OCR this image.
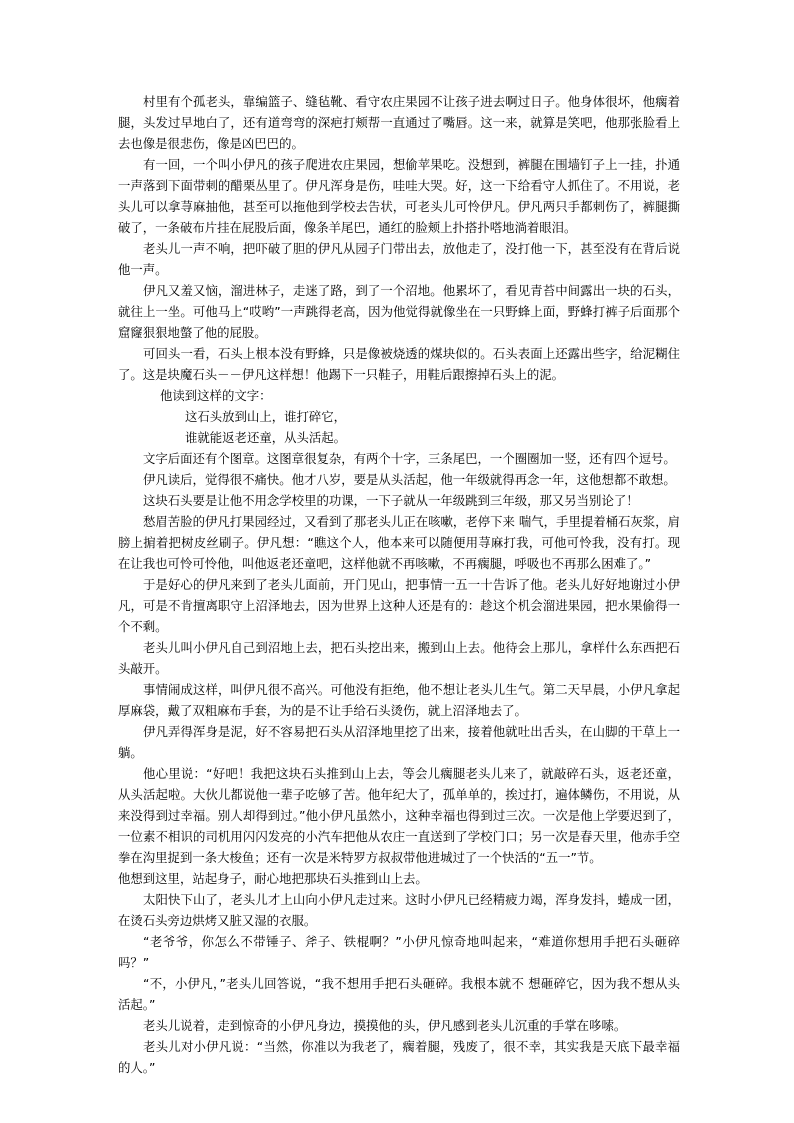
村里有个孤老头，靠编篮子、缝毡靴、看守农庄果园不让孩子进去啊过日子。他身体很坏，他瘸着腿，头发过早地白了，还有道弯弯的深疤打颊帮一直通过了嘴唇。这一来，就算是笑吧，他那张脸看上去也像是很悲伤，像是凶巴巴的。

有一回，一个叫小伊凡的孩子爬进农庄果园，想偷苹果吃。没想到，裤腿在围墙钉子上一挂，扑通一声落到下面带刺的醋栗丛里了。伊凡浑身是伤，哇哇大哭。好，这一下给看守人抓住了。不用说，老头儿可以拿荨麻抽他，甚至可以拖他到学校去告状，可老头儿可怜伊凡。伊凡两只手都刺伤了，裤腿撕破了，一条破布片挂在屁股后面，像条羊尾巴，通红的脸颊上扑搭扑嗒地淌着眼泪。

老头儿一声不响，把吓破了胆的伊凡从园子门带出去，放他走了，没打他一下，甚至没有在背后说他一声。

伊凡又羞又恼，溜进林子，走迷了路，到了一个沼地。他累坏了，看见青苔中间露出一块的石头，就往上一坐。可他马上“哎哟”一声跳得老高，因为他觉得就像坐在一只野蜂上面，野蜂打裤子后面那个窟窿狠狠地螫了他的屁股。

可回头一看，石头上根本没有野蜂，只是像被烧透的煤块似的。石头表面上还露出些字，给泥糊住了。这是块魔石头－－伊凡这样想！他踢下一只鞋子，用鞋后跟擦掉石头上的泥。

他读到这样的文字：

这石头放到山上，谁打碎它，

谁就能返老还童，从头活起。

文字后面还有个图章。这图章很复杂，有两个十字，三条尾巴，一个圈圈加一竖，还有四个逗号。

伊凡读后，觉得很不痛快。他才八岁，要是从头活起，他一年级就得再念一年，这他想都不敢想。

这块石头要是让他不用念学校里的功课，一下子就从一年级跳到三年级，那又另当别论了！

愁眉苦脸的伊凡打果园经过，又看到了那老头儿正在咳嗽，老停下来 喘气，手里提着桶石灰浆，肩膀上掮着把树皮丝刷子。伊凡想：“瞧这个人，他本来可以随便用荨麻打我，可他可怜我，没有打。现在让我也可怜可怜他，叫他返老还童吧，这样他就不再咳嗽，不再瘸腿，呼吸也不再那么困难了。”

于是好心的伊凡来到了老头儿面前，开门见山，把事情一五一十告诉了他。老头儿好好地谢过小伊凡，可是不肯擅离职守上沼泽地去，因为世界上这种人还是有的：趁这个机会溜进果园，把水果偷得一个不剩。

老头儿叫小伊凡自己到沼地上去，把石头挖出来，搬到山上去。他待会上那儿，拿样什么东西把石头敲开。

事情闹成这样，叫伊凡很不高兴。可他没有拒绝，他不想让老头儿生气。第二天早晨，小伊凡拿起厚麻袋，戴了双粗麻布手套，为的是不让手给石头烫伤，就上沼泽地去了。

伊凡弄得浑身是泥，好不容易把石头从沼泽地里挖了出来，接着他就吐出舌头，在山脚的干草上一躺。

他心里说：“好吧！我把这块石头推到山上去，等会儿瘸腿老头儿来了，就敲碎石头，返老还童，从头活起啦。大伙儿都说他一辈子吃够了苦。他年纪大了，孤单单的，挨过打，遍体鳞伤，不用说，从来没得到过幸福。别人却得到过。”他小伊凡虽然小，这种幸福也得到过三次。一次是他上学要迟到了，一位素不相识的司机用闪闪发亮的小汽车把他从农庄一直送到了学校门口；另一次是春天里，他赤手空拳在沟里捉到一条大梭鱼；还有一次是米特罗方叔叔带他进城过了一个快活的“五一”节。

他想到这里，站起身子，耐心地把那块石头推到山上去。

太阳快下山了，老头儿才上山向小伊凡走过来。这时小伊凡已经精疲力竭，浑身发抖，蜷成一团，在烫石头旁边烘烤又脏又湿的衣服。

“老爷爷，你怎么不带锤子、斧子、铁棍啊？”小伊凡惊奇地叫起来，“难道你想用手把石头砸碎吗？”

“不，小伊凡，”老头儿回答说，“我不想用手把石头砸碎。我根本就不 想砸碎它，因为我不想从头活起。”

老头儿说着，走到惊奇的小伊凡身边，摸摸他的头，伊凡感到老头儿沉重的手掌在哆嗦。

老头儿对小伊凡说：“当然，你准以为我老了，瘸着腿，残废了，很不幸，其实我是天底下最幸福的人。”
